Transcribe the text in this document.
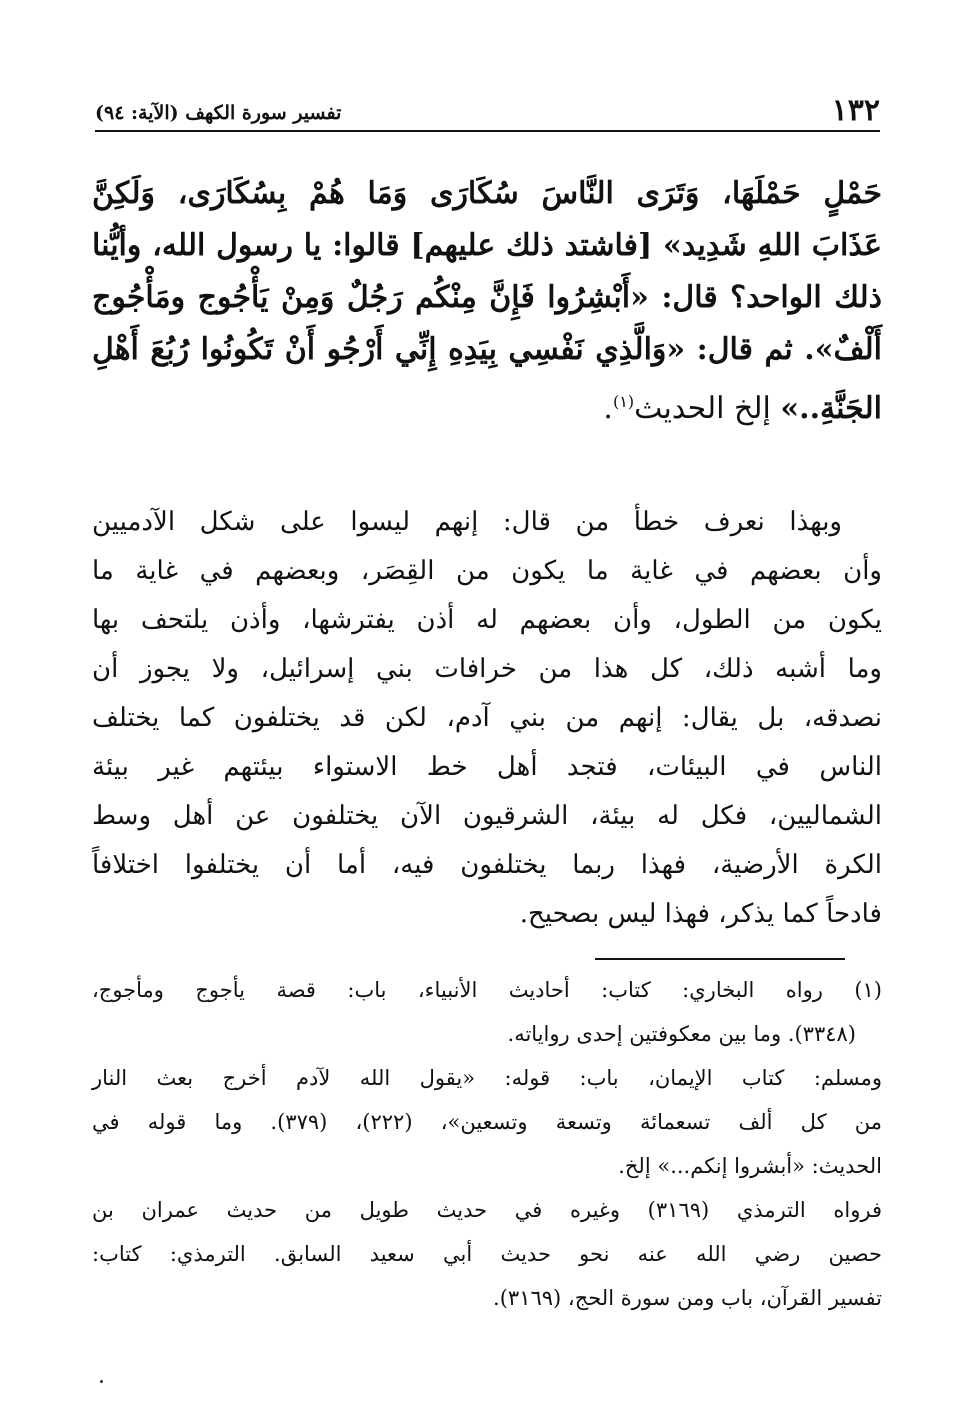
١٣٢
تفسير سورة الكهف (الآية: ٩٤)
حَمْلٍ حَمْلَهَا، وَتَرَى النَّاسَ سُكَارَى وَمَا هُمْ بِسُكَارَى، وَلَكِنَّ
عَذَابَ اللهِ شَدِيد» [فاشتد ذلك عليهم] قالوا: يا رسول الله، وأيُّنا
ذلك الواحد؟ قال: «أَبْشِرُوا فَإِنَّ مِنْكُم رَجُلٌ وَمِنْ يَأْجُوج ومَأْجُوج
أَلْفٌ». ثم قال: «وَالَّذِي نَفْسِي بِيَدِهِ إِنِّي أَرْجُو أَنْ تَكُونُوا رُبُعَ أَهْلِ
الجَنَّةِ..» إلخ الحديث$^{(١)}$.
وبهذا نعرف خطأ من قال: إنهم ليسوا على شكل الآدميين
وأن بعضهم في غاية ما يكون من القِصَر، وبعضهم في غاية ما
يكون من الطول، وأن بعضهم له أذن يفترشها، وأذن يلتحف بها
وما أشبه ذلك، كل هذا من خرافات بني إسرائيل، ولا يجوز أن
نصدقه، بل يقال: إنهم من بني آدم، لكن قد يختلفون كما يختلف
الناس في البيئات، فتجد أهل خط الاستواء بيئتهم غير بيئة
الشماليين، فكل له بيئة، الشرقيون الآن يختلفون عن أهل وسط
الكرة الأرضية، فهذا ربما يختلفون فيه، أما أن يختلفوا اختلافاً
فادحاً كما يذكر، فهذا ليس بصحيح.
(١) رواه البخاري: كتاب: أحاديث الأنبياء، باب: قصة يأجوج ومأجوج،
(٣٣٤٨). وما بين معكوفتين إحدى رواياته.
ومسلم: كتاب الإيمان، باب: قوله: «يقول الله لآدم أخرج بعث النار
من كل ألف تسعمائة وتسعة وتسعين»، (٢٢٢)، (٣٧٩). وما قوله في
الحديث: «أبشروا إنكم...» إلخ.
فرواه الترمذي (٣١٦٩) وغيره في حديث طويل من حديث عمران بن
حصين رضي الله عنه نحو حديث أبي سعيد السابق. الترمذي: كتاب:
تفسير القرآن، باب ومن سورة الحج، (٣١٦٩).
